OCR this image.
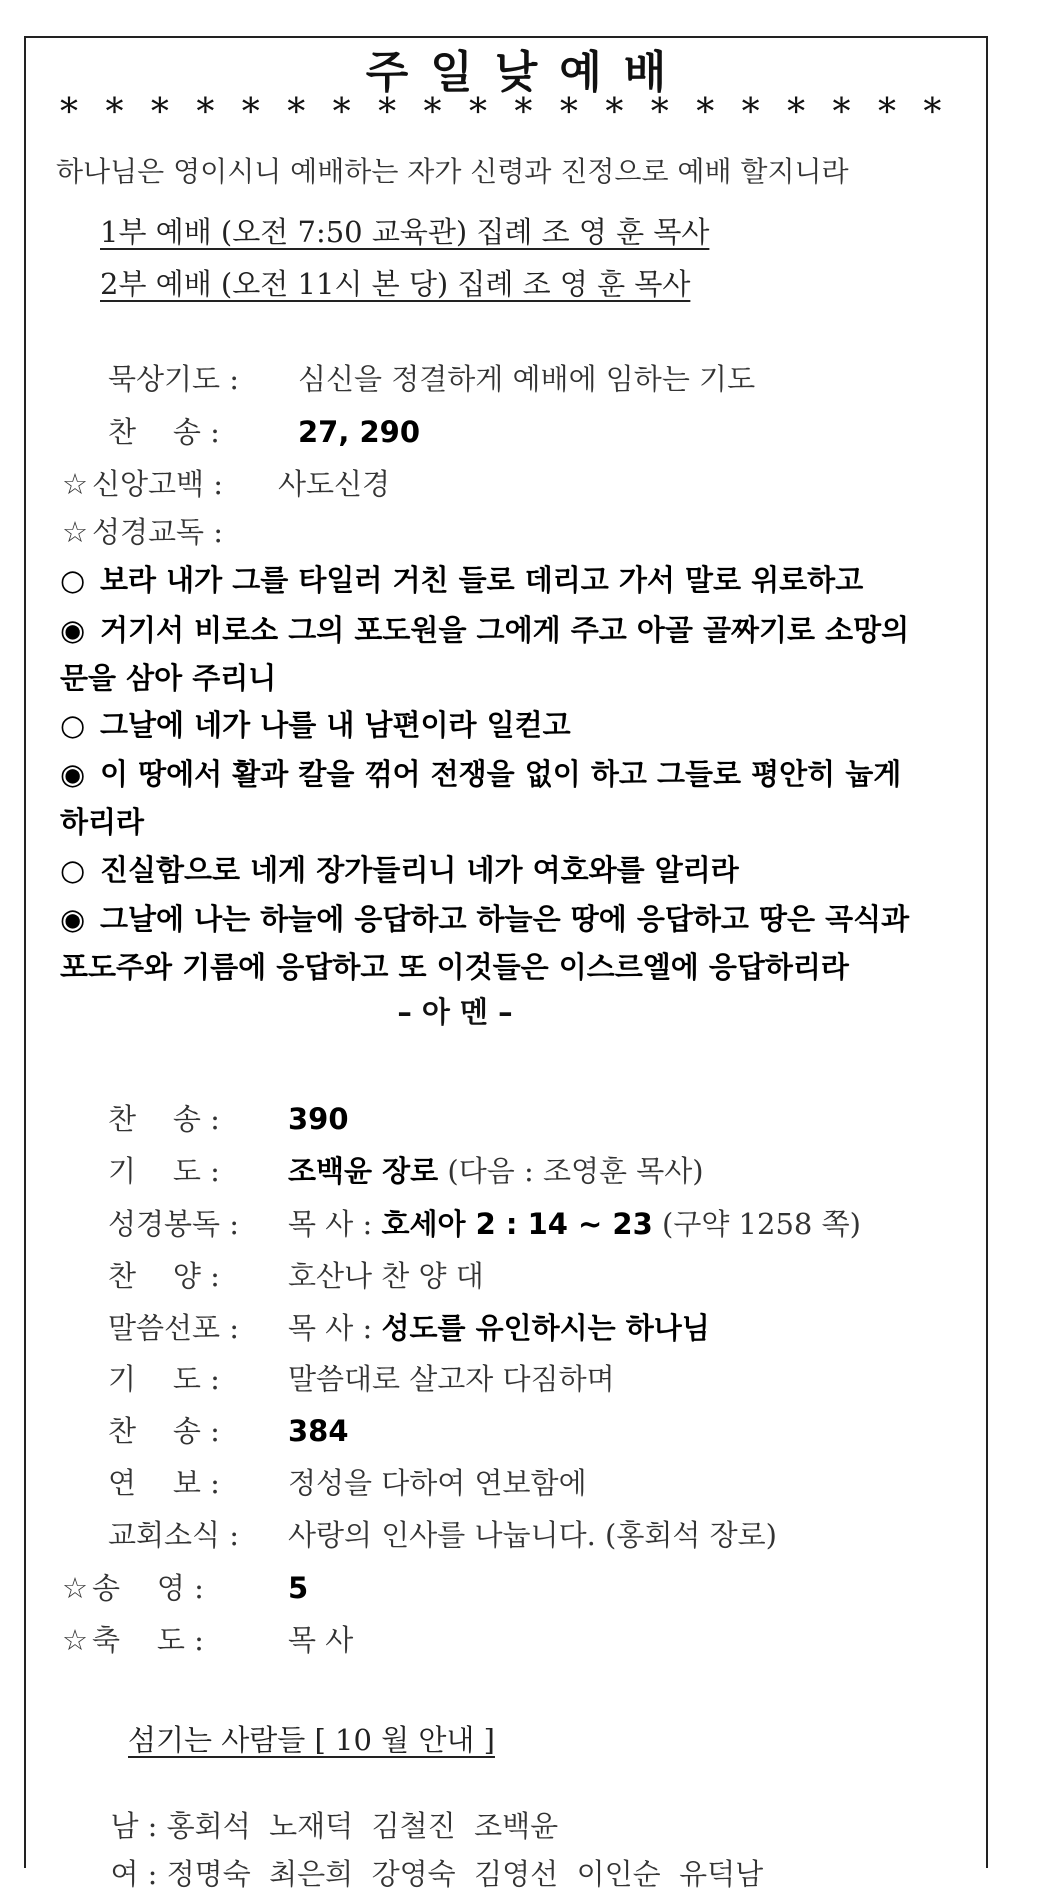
주일낮예배
* * * * * * * * * * * * * * * * * * * *
하나님은 영이시니 예배하는 자가 신령과 진정으로 예배 할지니라
1부 예배 (오전 7:50 교육관) 집례 조 영 훈 목사
2부 예배 (오전 11시 본 당) 집례 조 영 훈 목사
묵상기도 : 심신을 정결하게 예배에 임하는 기도
찬    송 :	27, 290
☆ 신앙고백 : 사도신경
☆ 성경교독 :
○ 보라 내가 그를 타일러 거친 들로 데리고 가서 말로 위로하고
◉ 거기서 비로소 그의 포도원을 그에게 주고 아골 골짜기로 소망의
문을 삼아 주리니
○ 그날에 네가 나를 내 남편이라 일컫고
◉ 이 땅에서 활과 칼을 꺾어 전쟁을 없이 하고 그들로 평안히 눕게
하리라
○ 진실함으로 네게 장가들리니 네가 여호와를 알리라
◉ 그날에 나는 하늘에 응답하고 하늘은 땅에 응답하고 땅은 곡식과
포도주와 기름에 응답하고 또 이것들은 이스르엘에 응답하리라
– 아 멘 –
찬    송 : 390
기    도 : 조백윤 장로 (다음 : 조영훈 목사)
성경봉독 : 목 사 : 호세아 2 : 14 ~ 23 (구약 1258 쪽)
찬    양 : 호산나 찬 양 대
말씀선포 : 목 사 : 성도를 유인하시는 하나님
기    도 : 말씀대로 살고자 다짐하며
찬    송 : 384
연    보 : 정성을 다하여 연보함에
교회소식 : 사랑의 인사를 나눕니다. (홍회석 장로)
☆ 송    영 :	5
☆ 축    도 :	목 사
섬기는 사람들 [ 10 월 안내 ]

남 : 홍회석  노재덕  김철진  조백윤

여 : 정명숙  최은희  강영숙  김영선  이인순  유덕남
